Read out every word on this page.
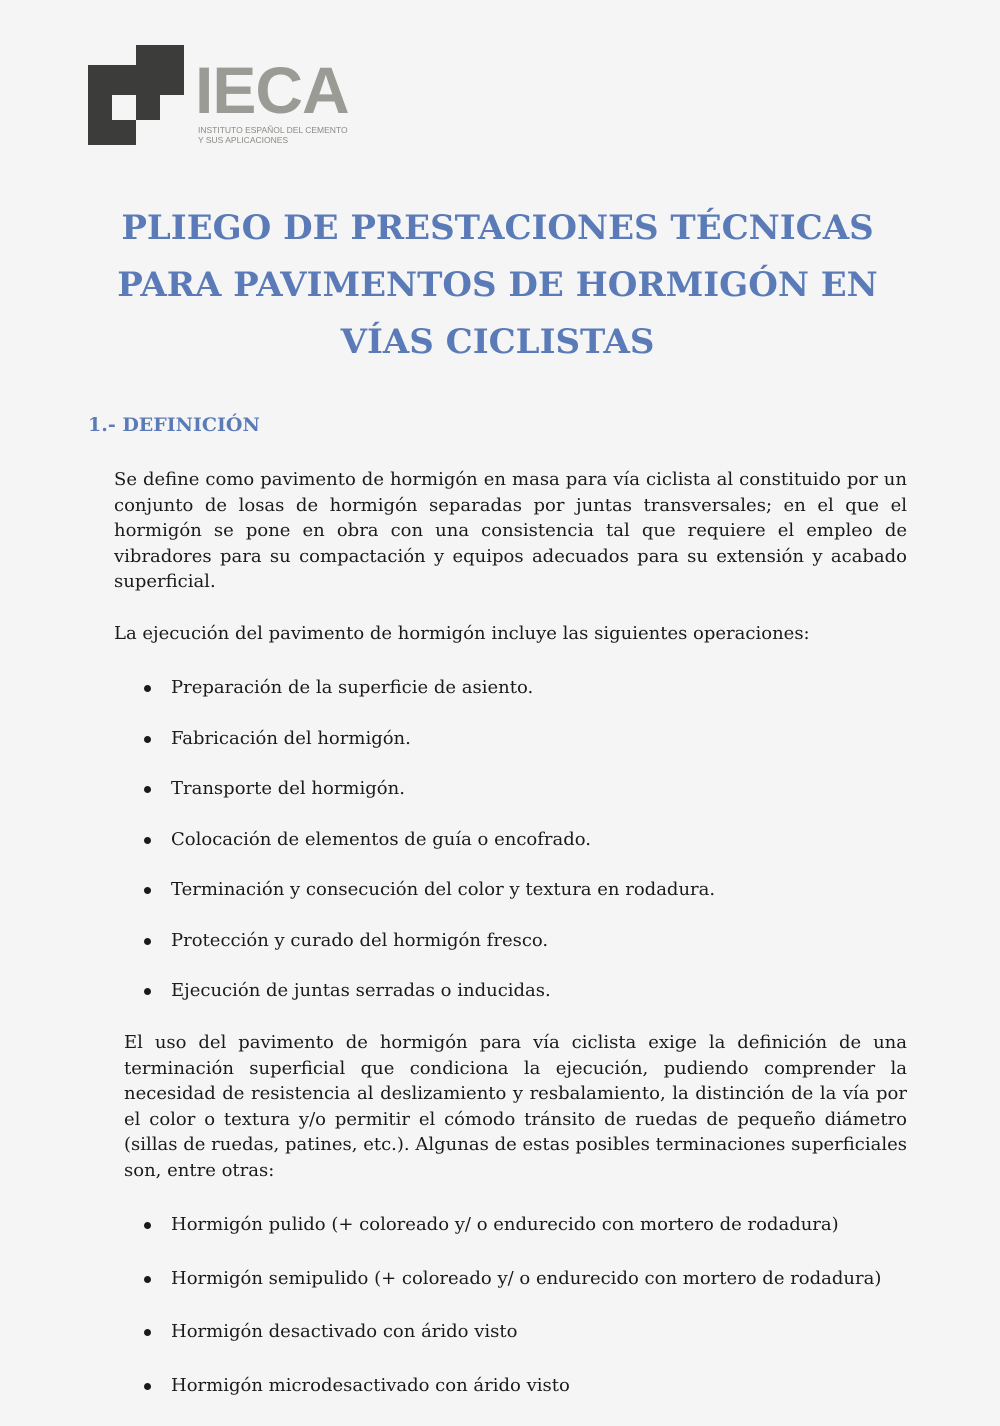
IECA
INSTITUTO ESPAÑOL DEL CEMENTO
Y SUS APLICACIONES
PLIEGO DE PRESTACIONES TÉCNICAS PARA PAVIMENTOS DE HORMIGÓN EN VÍAS CICLISTAS
1.- DEFINICIÓN

Se define como pavimento de hormigón en masa para vía ciclista al constituido por un conjunto de losas de hormigón separadas por juntas transversales; en el que el hormigón se pone en obra con una consistencia tal que requiere el empleo de vibradores para su compactación y equipos adecuados para su extensión y acabado superficial.

La ejecución del pavimento de hormigón incluye las siguientes operaciones:

Preparación de la superficie de asiento.
Fabricación del hormigón.
Transporte del hormigón.
Colocación de elementos de guía o encofrado.
Terminación y consecución del color y textura en rodadura.
Protección y curado del hormigón fresco.
Ejecución de juntas serradas o inducidas.

El uso del pavimento de hormigón para vía ciclista exige la definición de una terminación superficial que condiciona la ejecución, pudiendo comprender la necesidad de resistencia al deslizamiento y resbalamiento, la distinción de la vía por el color o textura y/o permitir el cómodo tránsito de ruedas de pequeño diámetro (sillas de ruedas, patines, etc.). Algunas de estas posibles terminaciones superficiales son, entre otras:

Hormigón pulido (+ coloreado y/ o endurecido con mortero de rodadura)
Hormigón semipulido (+ coloreado y/ o endurecido con mortero de rodadura)
Hormigón desactivado con árido visto
Hormigón microdesactivado con árido visto
